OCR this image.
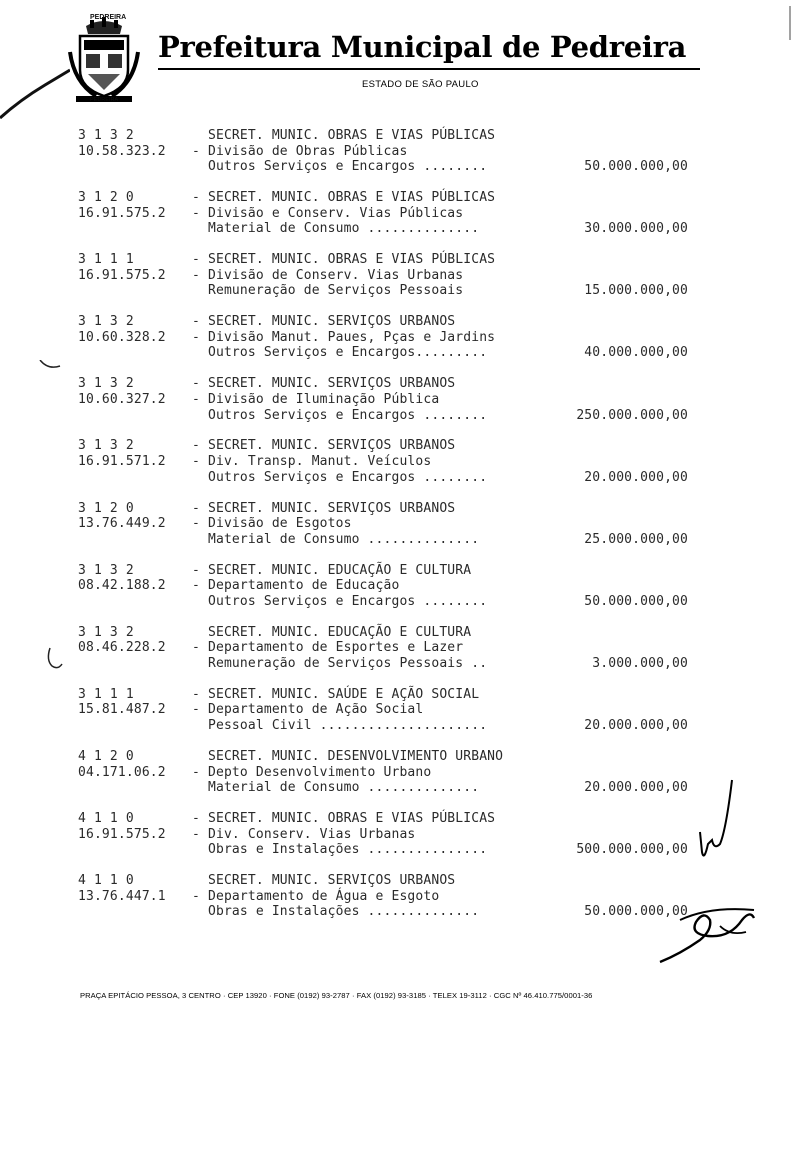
PEDREIRA
PEDREIRA
Prefeitura Municipal de Pedreira
ESTADO DE SÃO PAULO
3 1 3 2	SECRET. MUNIC. OBRAS E VIAS PÚBLICAS
10.58.323.2 - Divisão de Obras Públicas
Outros Serviços e Encargos ........	50.000.000,00
3 1 2 0	- SECRET. MUNIC. OBRAS E VIAS PÚBLICAS
16.91.575.2 - Divisão e Conserv. Vias Públicas
Material de Consumo ..............	30.000.000,00
3 1 1 1	- SECRET. MUNIC. OBRAS E VIAS PÚBLICAS
16.91.575.2 - Divisão de Conserv. Vias Urbanas
Remuneração de Serviços Pessoais	15.000.000,00
3 1 3 2	- SECRET. MUNIC. SERVIÇOS URBANOS
10.60.328.2 - Divisão Manut. Paues, Pças e Jardins
Outros Serviços e Encargos.........	40.000.000,00
3 1 3 2	- SECRET. MUNIC. SERVIÇOS URBANOS
10.60.327.2 - Divisão de Iluminação Pública
Outros Serviços e Encargos ........	250.000.000,00
3 1 3 2	- SECRET. MUNIC. SERVIÇOS URBANOS
16.91.571.2 - Div. Transp. Manut. Veículos
Outros Serviços e Encargos ........	20.000.000,00
3 1 2 0	- SECRET. MUNIC. SERVIÇOS URBANOS
13.76.449.2 - Divisão de Esgotos
Material de Consumo ..............	25.000.000,00
3 1 3 2	- SECRET. MUNIC. EDUCAÇÃO E CULTURA
08.42.188.2 - Departamento de Educação
Outros Serviços e Encargos ........	50.000.000,00
3 1 3 2	SECRET. MUNIC. EDUCAÇÃO E CULTURA
08.46.228.2 - Departamento de Esportes e Lazer
Remuneração de Serviços Pessoais ..	3.000.000,00
3 1 1 1	- SECRET. MUNIC. SAÚDE E AÇÃO SOCIAL
15.81.487.2 - Departamento de Ação Social
Pessoal Civil .....................	20.000.000,00
4 1 2 0	SECRET. MUNIC. DESENVOLVIMENTO URBANO
04.171.06.2 - Depto Desenvolvimento Urbano
Material de Consumo ..............	20.000.000,00
4 1 1 0	- SECRET. MUNIC. OBRAS E VIAS PÚBLICAS
16.91.575.2 - Div. Conserv. Vias Urbanas
Obras e Instalações ...............	500.000.000,00
4 1 1 0	SECRET. MUNIC. SERVIÇOS URBANOS
13.76.447.1 - Departamento de Água e Esgoto
Obras e Instalações ..............	50.000.000,00
PRAÇA EPITÁCIO PESSOA, 3 CENTRO · CEP 13920 · FONE (0192) 93-2787 · FAX (0192) 93-3185 · TELEX 19-3112 · CGC Nº 46.410.775/0001-36
